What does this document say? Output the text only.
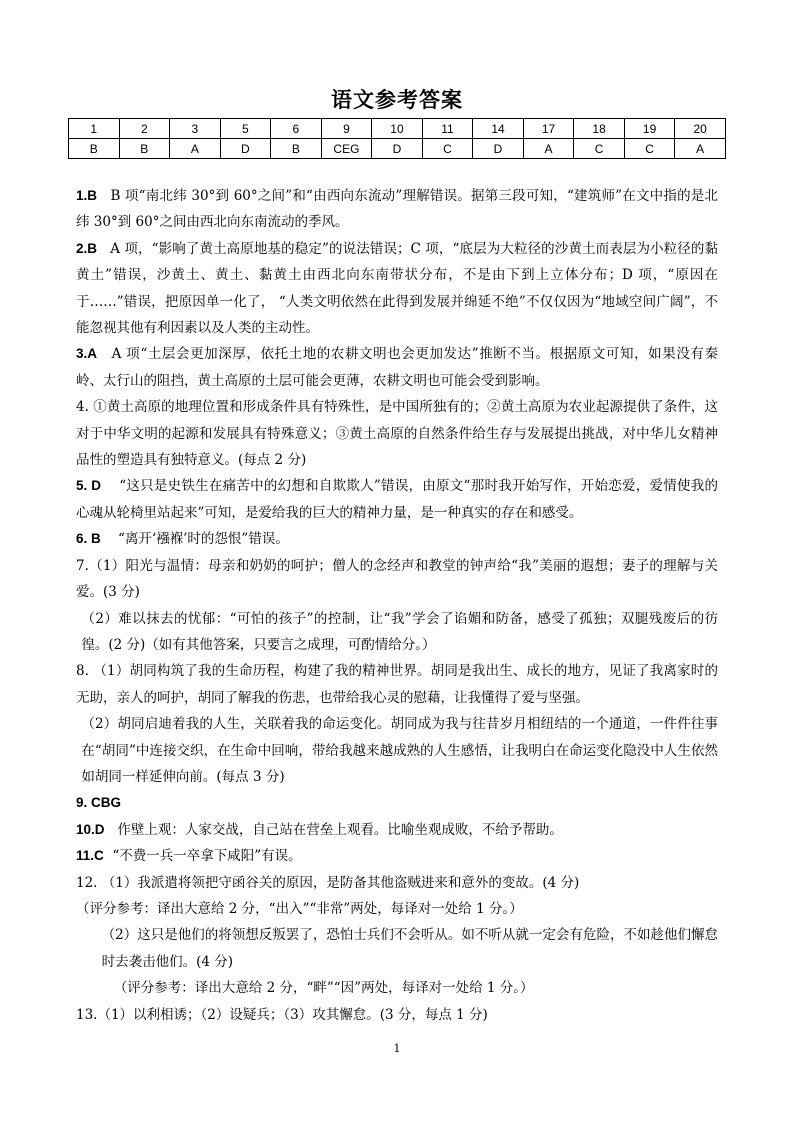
语文参考答案
1	2	3	5	6	9	10	11	14	17	18	19	20
B	B	A	D	B	CEG	D	C	D	A	C	C	A

1.B B 项“南北纬 30°到 60°之间”和“由西向东流动”理解错误。据第三段可知，“建筑师”在文中指的是北纬 30°到 60°之间由西北向东南流动的季风。

2.B A 项，“影响了黄土高原地基的稳定”的说法错误；C 项，“底层为大粒径的沙黄土而表层为小粒径的黏黄土”错误，沙黄土、黄土、黏黄土由西北向东南带状分布，不是由下到上立体分布；D 项，“原因在于……”错误，把原因单一化了， “人类文明依然在此得到发展并绵延不绝”不仅仅因为“地域空间广阔”，不能忽视其他有利因素以及人类的主动性。

3.A A 项“土层会更加深厚，依托土地的农耕文明也会更加发达”推断不当。根据原文可知，如果没有秦岭、太行山的阻挡，黄土高原的土层可能会更薄，农耕文明也可能会受到影响。

4. ①黄土高原的地理位置和形成条件具有特殊性，是中国所独有的；②黄土高原为农业起源提供了条件，这对于中华文明的起源和发展具有特殊意义；③黄土高原的自然条件给生存与发展提出挑战，对中华儿女精神品性的塑造具有独特意义。(每点 2 分)

5. D “这只是史铁生在痛苦中的幻想和自欺欺人”错误，由原文“那时我开始写作，开始恋爱，爱情使我的心魂从轮椅里站起来”可知，是爱给我的巨大的精神力量，是一种真实的存在和感受。

6. B “离开‘襁褓’时的怨恨”错误。

7.（1）阳光与温情：母亲和奶奶的呵护；僧人的念经声和教堂的钟声给“我”美丽的遐想；妻子的理解与关爱。(3 分)

（2）难以抹去的忧郁：“可怕的孩子”的控制，让“我”学会了谄媚和防备，感受了孤独；双腿残废后的彷徨。(2 分)（如有其他答案，只要言之成理，可酌情给分。）

8. （1）胡同构筑了我的生命历程，构建了我的精神世界。胡同是我出生、成长的地方，见证了我离家时的无助，亲人的呵护，胡同了解我的伤悲，也带给我心灵的慰藉，让我懂得了爱与坚强。

（2）胡同启迪着我的人生，关联着我的命运变化。胡同成为我与往昔岁月相纽结的一个通道，一件件往事在“胡同”中连接交织，在生命中回响，带给我越来越成熟的人生感悟，让我明白在命运变化隐没中人生依然如胡同一样延伸向前。(每点 3 分)

9. CBG

10.D 作壁上观：人家交战，自己站在营垒上观看。比喻坐观成败，不给予帮助。

11.C “不费一兵一卒拿下咸阳”有误。

12. （1）我派遣将领把守函谷关的原因，是防备其他盗贼进来和意外的变故。(4 分)

（评分参考：译出大意给 2 分，“出入”“非常”两处，每译对一处给 1 分。）

（2）这只是他们的将领想反叛罢了，恐怕士兵们不会听从。如不听从就一定会有危险，不如趁他们懈怠时去袭击他们。(4 分)

（评分参考：译出大意给 2 分，“畔”“因”两处，每译对一处给 1 分。）

13.（1）以利相诱；（2）设疑兵；（3）攻其懈怠。(3 分，每点 1 分)

1
